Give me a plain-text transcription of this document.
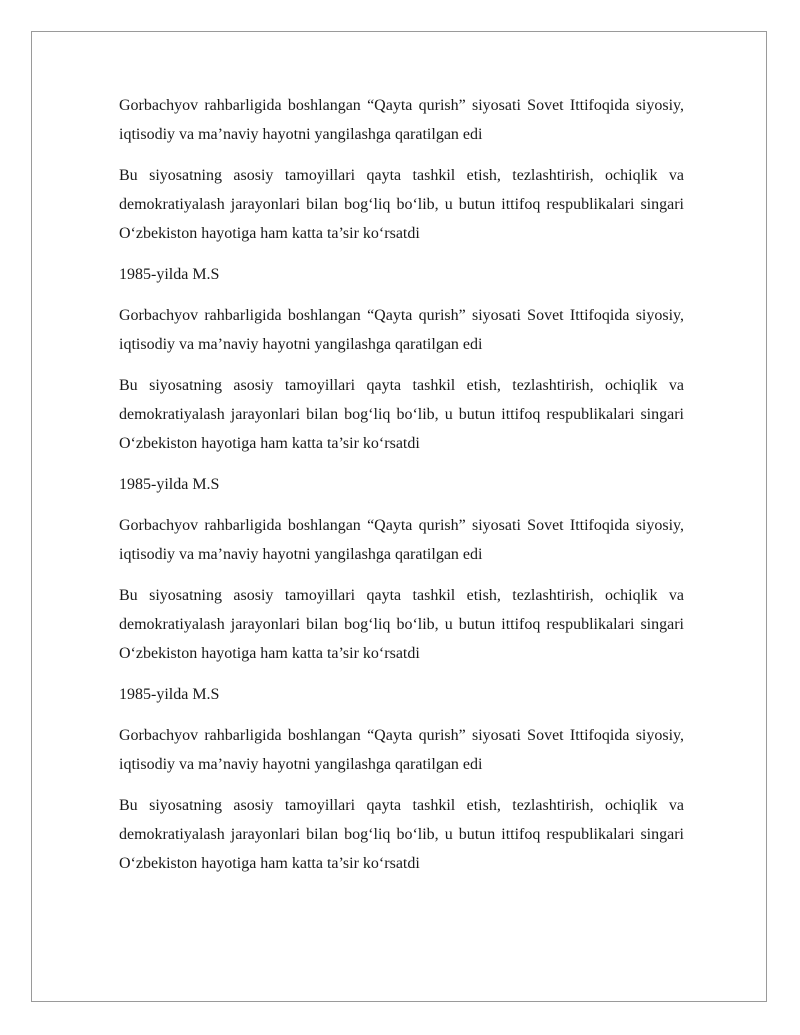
Gorbachyov rahbarligida boshlangan “Qayta qurish” siyosati Sovet Ittifoqida siyosiy, iqtisodiy va ma’naviy hayotni yangilashga qaratilgan edi

Bu siyosatning asosiy tamoyillari qayta tashkil etish, tezlashtirish, ochiqlik va demokratiyalash jarayonlari bilan bog‘liq bo‘lib, u butun ittifoq respublikalari singari O‘zbekiston hayotiga ham katta ta’sir ko‘rsatdi

1985-yilda M.S

Gorbachyov rahbarligida boshlangan “Qayta qurish” siyosati Sovet Ittifoqida siyosiy, iqtisodiy va ma’naviy hayotni yangilashga qaratilgan edi

Bu siyosatning asosiy tamoyillari qayta tashkil etish, tezlashtirish, ochiqlik va demokratiyalash jarayonlari bilan bog‘liq bo‘lib, u butun ittifoq respublikalari singari O‘zbekiston hayotiga ham katta ta’sir ko‘rsatdi

1985-yilda M.S

Gorbachyov rahbarligida boshlangan “Qayta qurish” siyosati Sovet Ittifoqida siyosiy, iqtisodiy va ma’naviy hayotni yangilashga qaratilgan edi

Bu siyosatning asosiy tamoyillari qayta tashkil etish, tezlashtirish, ochiqlik va demokratiyalash jarayonlari bilan bog‘liq bo‘lib, u butun ittifoq respublikalari singari O‘zbekiston hayotiga ham katta ta’sir ko‘rsatdi

1985-yilda M.S

Gorbachyov rahbarligida boshlangan “Qayta qurish” siyosati Sovet Ittifoqida siyosiy, iqtisodiy va ma’naviy hayotni yangilashga qaratilgan edi

Bu siyosatning asosiy tamoyillari qayta tashkil etish, tezlashtirish, ochiqlik va demokratiyalash jarayonlari bilan bog‘liq bo‘lib, u butun ittifoq respublikalari singari O‘zbekiston hayotiga ham katta ta’sir ko‘rsatdi
